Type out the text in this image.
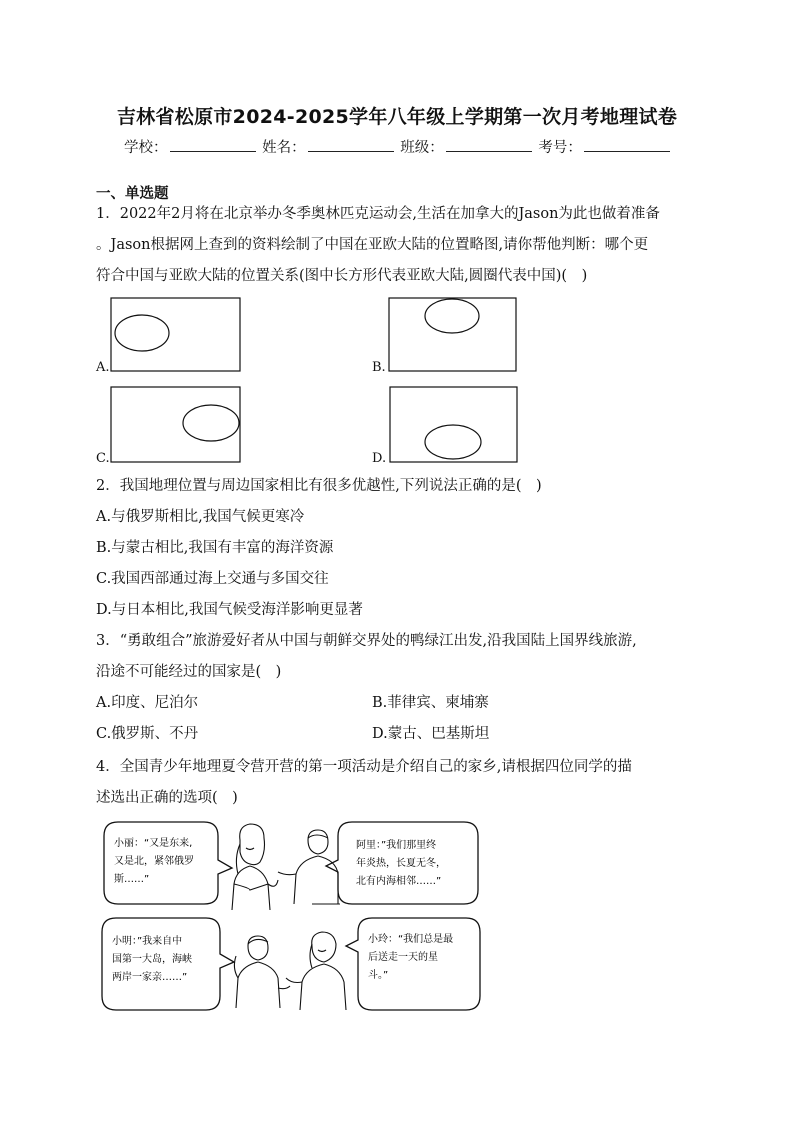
吉林省松原市2024-2025学年八年级上学期第一次月考地理试卷
学校：	姓名：	班级：	考号：
一、单选题
1．2022年2月将在北京举办冬季奥林匹克运动会,生活在加拿大的Jason为此也做着准备
。Jason根据网上查到的资料绘制了中国在亚欧大陆的位置略图,请你帮他判断：哪个更
符合中国与亚欧大陆的位置关系(图中长方形代表亚欧大陆,圆圈代表中国)(　)
A.	B.
C.	D.
2．我国地理位置与周边国家相比有很多优越性,下列说法正确的是(　)
A.与俄罗斯相比,我国气候更寒冷
B.与蒙古相比,我国有丰富的海洋资源
C.我国西部通过海上交通与多国交往
D.与日本相比,我国气候受海洋影响更显著
3．“勇敢组合”旅游爱好者从中国与朝鲜交界处的鸭绿江出发,沿我国陆上国界线旅游,
沿途不可能经过的国家是(　)
A.印度、尼泊尔	B.菲律宾、柬埔寨
C.俄罗斯、不丹	D.蒙古、巴基斯坦
4．全国青少年地理夏令营开营的第一项活动是介绍自己的家乡,请根据四位同学的描
述选出正确的选项(　)
小丽：“又是东来,
又是北，紧邻俄罗
斯……”
阿里：”我们那里终
年炎热，长夏无冬，
北有内海相邻……”
小明：”我来自中
国第一大岛，海峡
两岸一家亲……”
小玲：“我们总是最
后送走一天的星
斗。”
